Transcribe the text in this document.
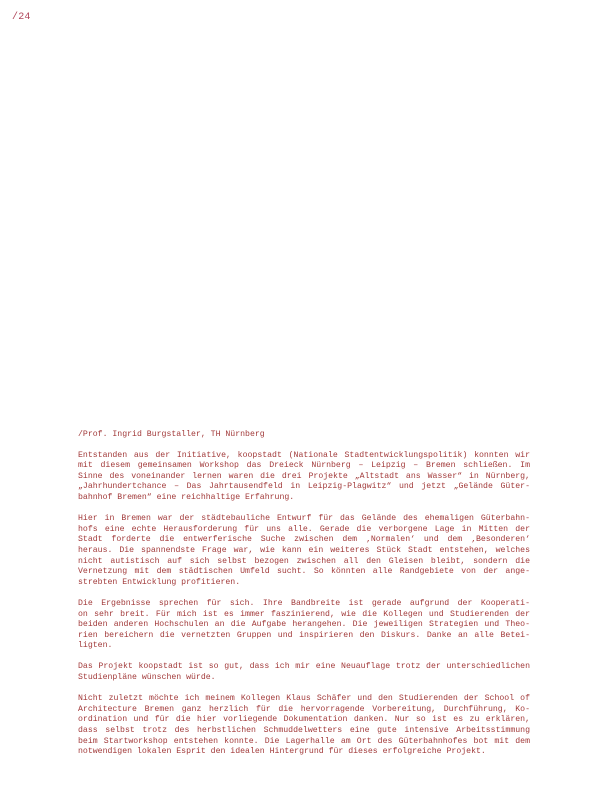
/24
/Prof. Ingrid Burgstaller, TH Nürnberg
Entstanden aus der Initiative, koopstadt (Nationale Stadtentwicklungspolitik) konnten wir
mit diesem gemeinsamen Workshop das Dreieck Nürnberg – Leipzig – Bremen schließen. Im
Sinne des voneinander lernen waren die drei Projekte „Altstadt ans Wasser“ in Nürnberg,
„Jahrhundertchance – Das Jahrtausendfeld in Leipzig-Plagwitz“ und jetzt „Gelände Güter-
bahnhof Bremen“ eine reichhaltige Erfahrung.
Hier in Bremen war der städtebauliche Entwurf für das Gelände des ehemaligen Güterbahn-
hofs eine echte Herausforderung für uns alle. Gerade die verborgene Lage in Mitten der
Stadt forderte die entwerferische Suche zwischen dem ‚Normalen‘ und dem ‚Besonderen‘
heraus. Die spannendste Frage war, wie kann ein weiteres Stück Stadt entstehen, welches
nicht autistisch auf sich selbst bezogen zwischen all den Gleisen bleibt, sondern die
Vernetzung mit dem städtischen Umfeld sucht. So könnten alle Randgebiete von der ange-
strebten Entwicklung profitieren.
Die Ergebnisse sprechen für sich. Ihre Bandbreite ist gerade aufgrund der Kooperati-
on sehr breit. Für mich ist es immer faszinierend, wie die Kollegen und Studierenden der
beiden anderen Hochschulen an die Aufgabe herangehen. Die jeweiligen Strategien und Theo-
rien bereichern die vernetzten Gruppen und inspirieren den Diskurs. Danke an alle Betei-
ligten.
Das Projekt koopstadt ist so gut, dass ich mir eine Neuauflage trotz der unterschiedlichen
Studienpläne wünschen würde.
Nicht zuletzt möchte ich meinem Kollegen Klaus Schäfer und den Studierenden der School of
Architecture Bremen ganz herzlich für die hervorragende Vorbereitung, Durchführung, Ko-
ordination und für die hier vorliegende Dokumentation danken. Nur so ist es zu erklären,
dass selbst trotz des herbstlichen Schmuddelwetters eine gute intensive Arbeitsstimmung
beim Startworkshop entstehen konnte. Die Lagerhalle am Ort des Güterbahnhofes bot mit dem
notwendigen lokalen Esprit den idealen Hintergrund für dieses erfolgreiche Projekt.
